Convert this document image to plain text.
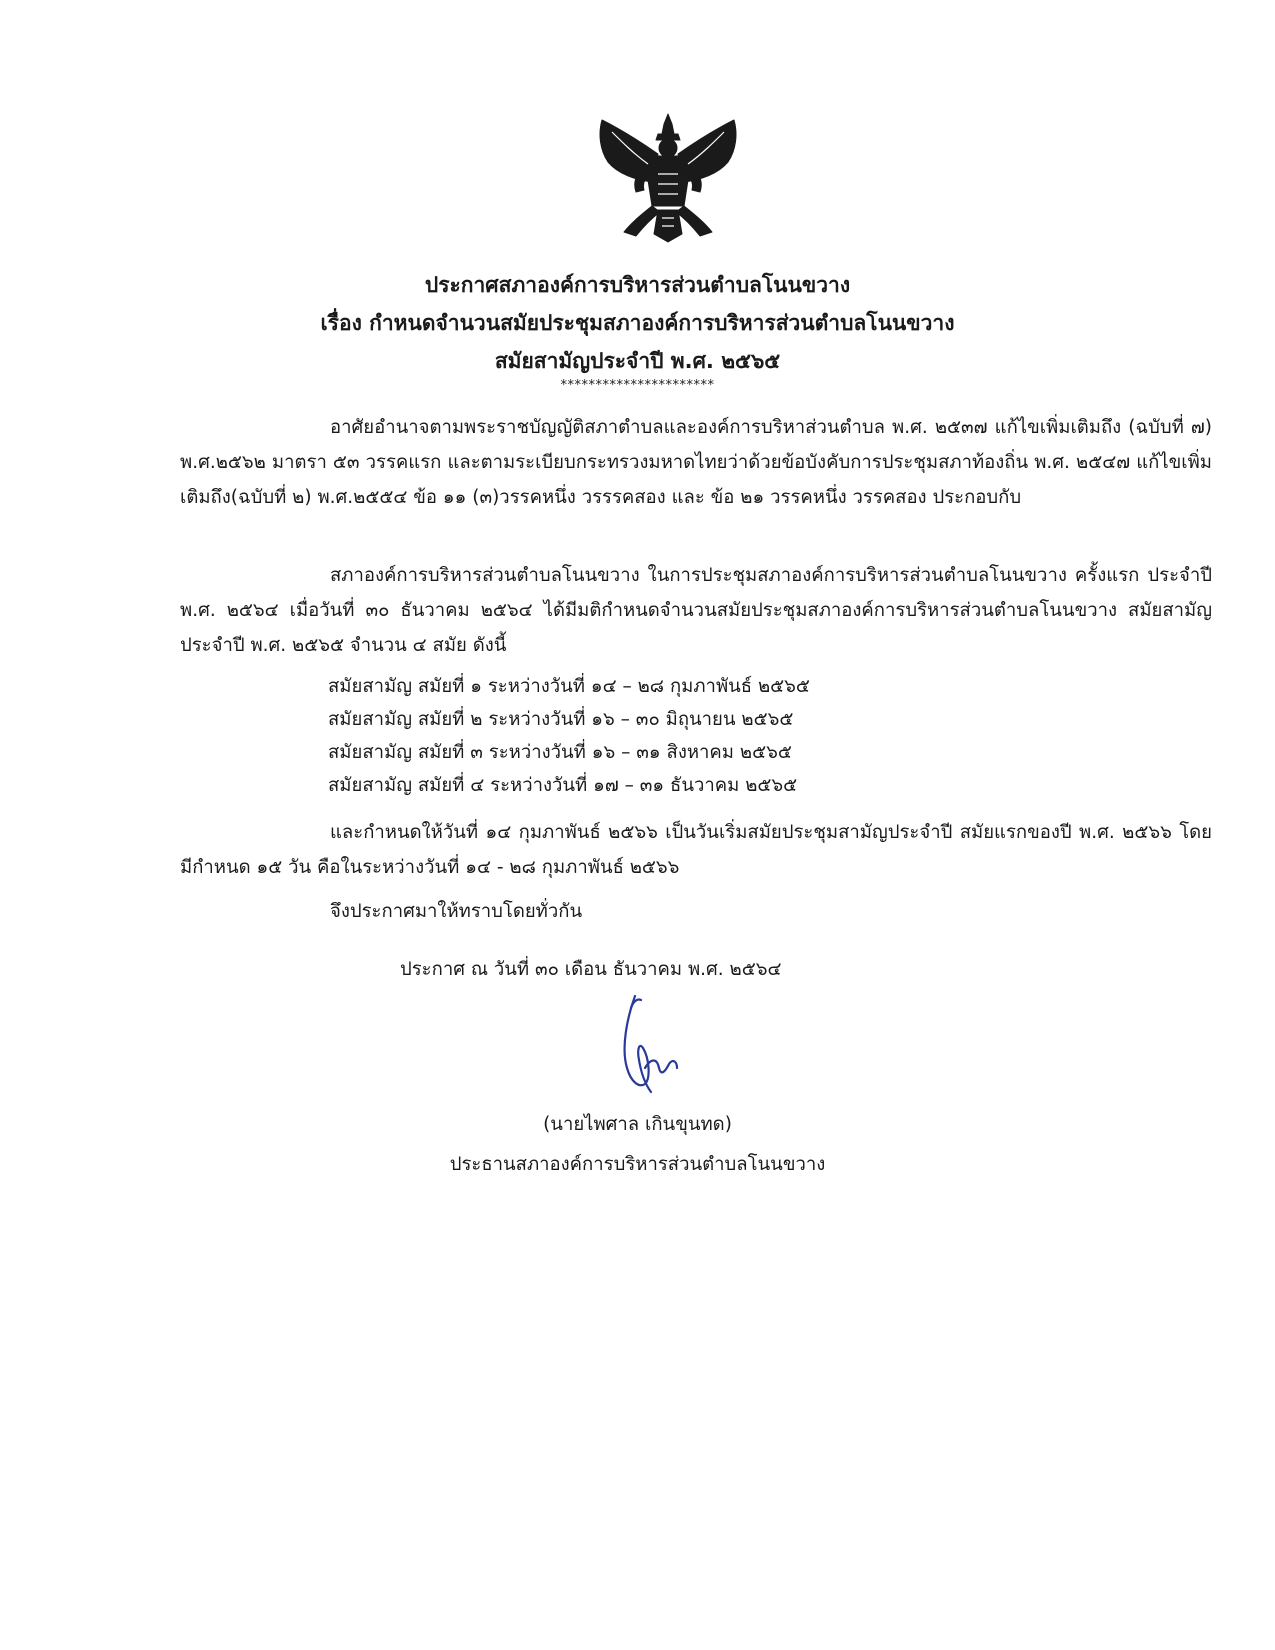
ประกาศสภาองค์การบริหารส่วนตำบลโนนขวาง
เรื่อง กำหนดจำนวนสมัยประชุมสภาองค์การบริหารส่วนตำบลโนนขวาง
สมัยสามัญประจำปี พ.ศ. ๒๕๖๕
**********************
อาศัยอำนาจตามพระราชบัญญัติสภาตำบลและองค์การบริหาส่วนตำบล พ.ศ. ๒๕๓๗ แก้ไขเพิ่มเติมถึง (ฉบับที่ ๗) พ.ศ.๒๕๖๒ มาตรา ๕๓ วรรคแรก และตามระเบียบกระทรวงมหาดไทยว่าด้วยข้อบังคับการประชุมสภาท้องถิ่น พ.ศ. ๒๕๔๗ แก้ไขเพิ่มเติมถึง(ฉบับที่ ๒) พ.ศ.๒๕๕๔ ข้อ ๑๑ (๓)วรรคหนึ่ง วรรรคสอง และ ข้อ ๒๑ วรรคหนึ่ง วรรคสอง ประกอบกับ
สภาองค์การบริหารส่วนตำบลโนนขวาง ในการประชุมสภาองค์การบริหารส่วนตำบลโนนขวาง ครั้งแรก ประจำปี พ.ศ. ๒๕๖๔ เมื่อวันที่ ๓๐ ธันวาคม ๒๕๖๔ ได้มีมติกำหนดจำนวนสมัยประชุมสภาองค์การบริหารส่วนตำบลโนนขวาง สมัยสามัญประจำปี พ.ศ. ๒๕๖๕ จำนวน ๔ สมัย ดังนี้
สมัยสามัญ สมัยที่ ๑ ระหว่างวันที่ ๑๔ – ๒๘ กุมภาพันธ์ ๒๕๖๕
สมัยสามัญ สมัยที่ ๒ ระหว่างวันที่ ๑๖ – ๓๐ มิถุนายน ๒๕๖๕
สมัยสามัญ สมัยที่ ๓ ระหว่างวันที่ ๑๖ – ๓๑ สิงหาคม ๒๕๖๕
สมัยสามัญ สมัยที่ ๔ ระหว่างวันที่ ๑๗ – ๓๑ ธันวาคม ๒๕๖๕
และกำหนดให้วันที่ ๑๔ กุมภาพันธ์ ๒๕๖๖ เป็นวันเริ่มสมัยประชุมสามัญประจำปี สมัยแรกของปี พ.ศ. ๒๕๖๖ โดยมีกำหนด ๑๕ วัน คือในระหว่างวันที่ ๑๔ - ๒๘ กุมภาพันธ์ ๒๕๖๖
จึงประกาศมาให้ทราบโดยทั่วกัน
ประกาศ ณ วันที่ ๓๐ เดือน ธันวาคม พ.ศ. ๒๕๖๔
(นายไพศาล เกินขุนทด)
ประธานสภาองค์การบริหารส่วนตำบลโนนขวาง
